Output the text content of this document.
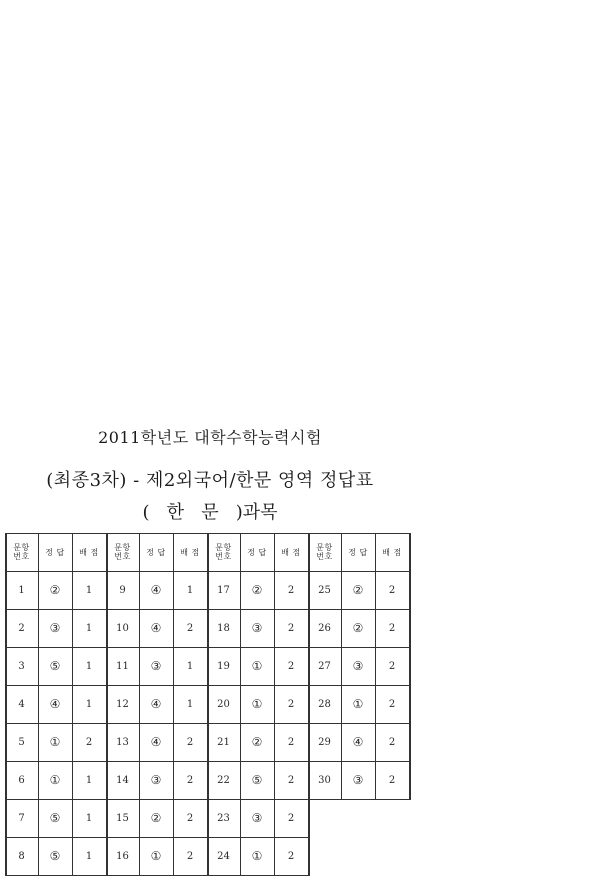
2011학년도 대학수학능력시험
(최종3차) - 제2외국어/한문 영역 정답표
(   한   문   )과목
문항
번호	정 답	배 점
1	②	1
2	③	1
3	⑤	1
4	④	1
5	①	2
6	①	1
7	⑤	1
8	⑤	1
문항
번호	정 답	배 점
9	④	1
10	④	2
11	③	1
12	④	1
13	④	2
14	③	2
15	②	2
16	①	2
문항
번호	정 답	배 점
17	②	2
18	③	2
19	①	2
20	①	2
21	②	2
22	⑤	2
23	③	2
24	①	2
문항
번호	정 답	배 점
25	②	2
26	②	2
27	③	2
28	①	2
29	④	2
30	③	2
